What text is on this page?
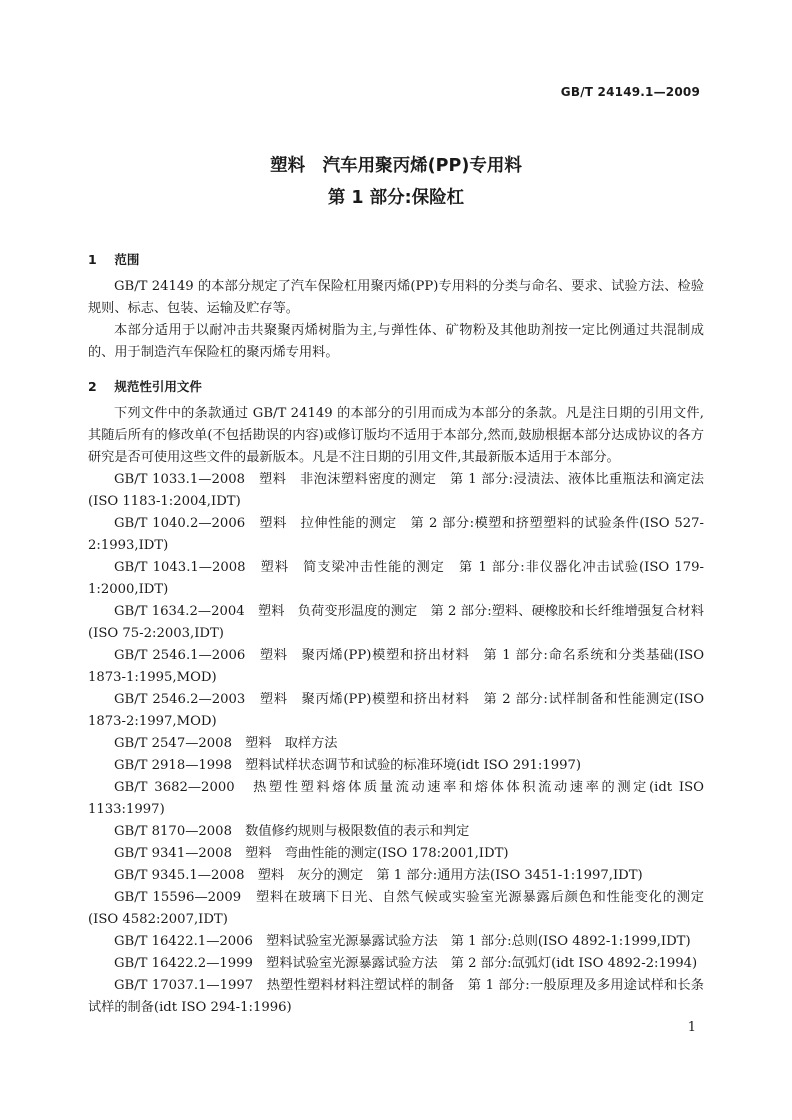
GB/T 24149.1—2009
塑料　汽车用聚丙烯(PP)专用料
第 1 部分:保险杠
1 范围

GB/T 24149 的本部分规定了汽车保险杠用聚丙烯(PP)专用料的分类与命名、要求、试验方法、检验规则、标志、包装、运输及贮存等。

本部分适用于以耐冲击共聚聚丙烯树脂为主,与弹性体、矿物粉及其他助剂按一定比例通过共混制成的、用于制造汽车保险杠的聚丙烯专用料。

2 规范性引用文件

下列文件中的条款通过 GB/T 24149 的本部分的引用而成为本部分的条款。凡是注日期的引用文件,其随后所有的修改单(不包括勘误的内容)或修订版均不适用于本部分,然而,鼓励根据本部分达成协议的各方研究是否可使用这些文件的最新版本。凡是不注日期的引用文件,其最新版本适用于本部分。

GB/T 1033.1—2008　塑料　非泡沫塑料密度的测定　第 1 部分:浸渍法、液体比重瓶法和滴定法(ISO 1183-1:2004,IDT)

GB/T 1040.2—2006　塑料　拉伸性能的测定　第 2 部分:模塑和挤塑塑料的试验条件(ISO 527-2:1993,IDT)

GB/T 1043.1—2008　塑料　简支梁冲击性能的测定　第 1 部分:非仪器化冲击试验(ISO 179-1:2000,IDT)

GB/T 1634.2—2004　塑料　负荷变形温度的测定　第 2 部分:塑料、硬橡胶和长纤维增强复合材料(ISO 75-2:2003,IDT)

GB/T 2546.1—2006　塑料　聚丙烯(PP)模塑和挤出材料　第 1 部分:命名系统和分类基础(ISO 1873-1:1995,MOD)

GB/T 2546.2—2003　塑料　聚丙烯(PP)模塑和挤出材料　第 2 部分:试样制备和性能测定(ISO 1873-2:1997,MOD)

GB/T 2547—2008　塑料　取样方法

GB/T 2918—1998　塑料试样状态调节和试验的标准环境(idt ISO 291:1997)

GB/T 3682—2000　热塑性塑料熔体质量流动速率和熔体体积流动速率的测定(idt ISO 1133:1997)

GB/T 8170—2008　数值修约规则与极限数值的表示和判定

GB/T 9341—2008　塑料　弯曲性能的测定(ISO 178:2001,IDT)

GB/T 9345.1—2008　塑料　灰分的测定　第 1 部分:通用方法(ISO 3451-1:1997,IDT)

GB/T 15596—2009　塑料在玻璃下日光、自然气候或实验室光源暴露后颜色和性能变化的测定(ISO 4582:2007,IDT)

GB/T 16422.1—2006　塑料试验室光源暴露试验方法　第 1 部分:总则(ISO 4892-1:1999,IDT)

GB/T 16422.2—1999　塑料试验室光源暴露试验方法　第 2 部分:氙弧灯(idt ISO 4892-2:1994)

GB/T 17037.1—1997　热塑性塑料材料注塑试样的制备　第 1 部分:一般原理及多用途试样和长条试样的制备(idt ISO 294-1:1996)

1
